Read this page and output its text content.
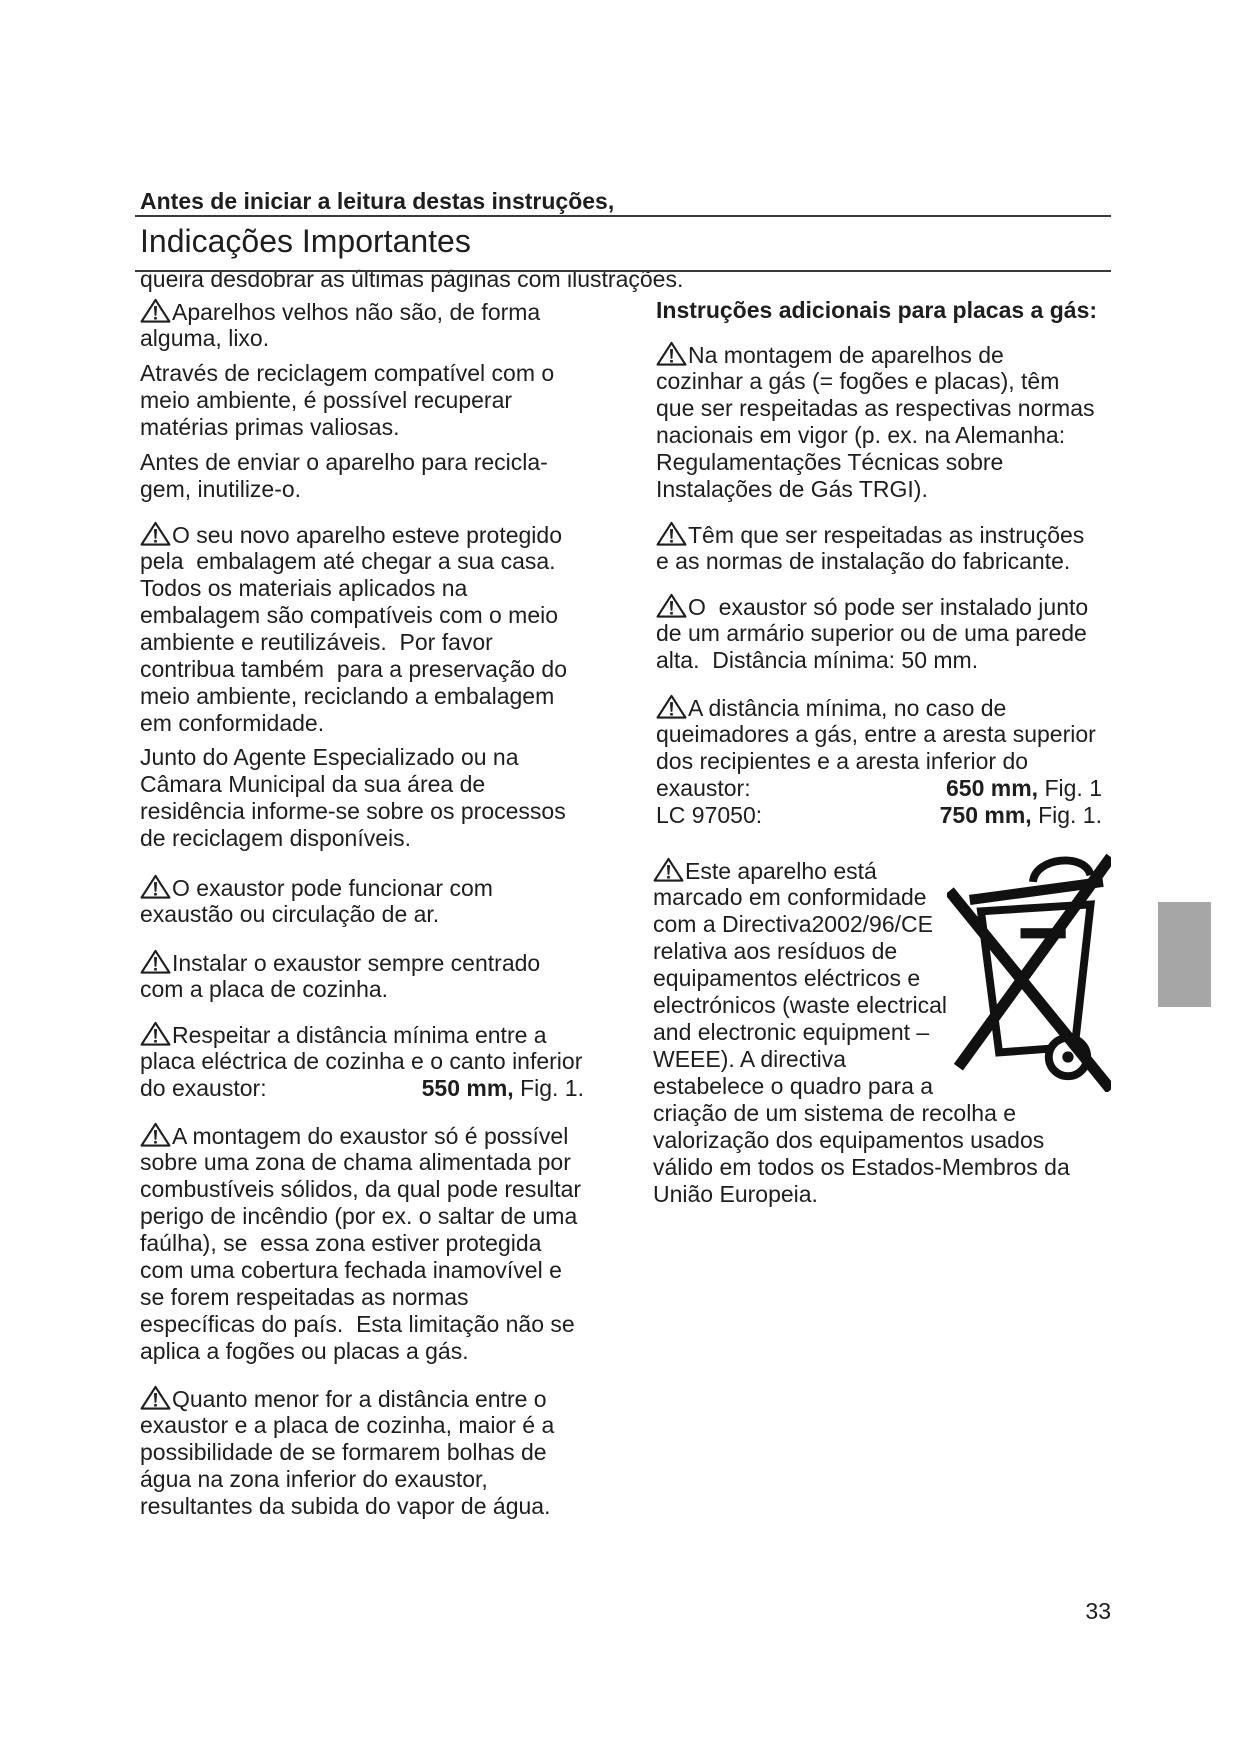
Antes de iniciar a leitura destas instruções,

queira desdobrar as últimas páginas com ilustrações.

Indicações Importantes
Aparelhos velhos não são, de forma
alguma, lixo.
Através de reciclagem compatível com o
meio ambiente, é possível recuperar
matérias primas valiosas.
Antes de enviar o aparelho para recicla-
gem, inutilize-o.
O seu novo aparelho esteve protegido
pela  embalagem até chegar a sua casa.
Todos os materiais aplicados na
embalagem são compatíveis com o meio
ambiente e reutilizáveis.  Por favor
contribua também  para a preservação do
meio ambiente, reciclando a embalagem
em conformidade.
Junto do Agente Especializado ou na
Câmara Municipal da sua área de
residência informe-se sobre os processos
de reciclagem disponíveis.
O exaustor pode funcionar com
exaustão ou circulação de ar.
Instalar o exaustor sempre centrado
com a placa de cozinha.
Respeitar a distância mínima entre a
placa eléctrica de cozinha e o canto inferior
do exaustor:	550 mm, Fig. 1.
A montagem do exaustor só é possível
sobre uma zona de chama alimentada por
combustíveis sólidos, da qual pode resultar
perigo de incêndio (por ex. o saltar de uma
faúlha), se  essa zona estiver protegida
com uma cobertura fechada inamovível e
se forem respeitadas as normas
específicas do país.  Esta limitação não se
aplica a fogões ou placas a gás.
Quanto menor for a distância entre o
exaustor e a placa de cozinha, maior é a
possibilidade de se formarem bolhas de
água na zona inferior do exaustor,
resultantes da subida do vapor de água.
Instruções adicionais para placas a gás:
Na montagem de aparelhos de
cozinhar a gás (= fogões e placas), têm
que ser respeitadas as respectivas normas
nacionais em vigor (p. ex. na Alemanha:
Regulamentações Técnicas sobre
Instalações de Gás TRGI).
Têm que ser respeitadas as instruções
e as normas de instalação do fabricante.
O  exaustor só pode ser instalado junto
de um armário superior ou de uma parede
alta.  Distância mínima: 50 mm.
A distância mínima, no caso de
queimadores a gás, entre a aresta superior
dos recipientes e a aresta inferior do
exaustor:	650 mm, Fig. 1
LC 97050:	750 mm, Fig. 1.
Este aparelho está
marcado em conformidade
com a Directiva2002/96/CE
relativa aos resíduos de
equipamentos eléctricos e
electrónicos (waste electrical
and electronic equipment –
WEEE). A directiva
estabelece o quadro para a
criação de um sistema de recolha e
valorização dos equipamentos usados
válido em todos os Estados-Membros da
União Europeia.
33
